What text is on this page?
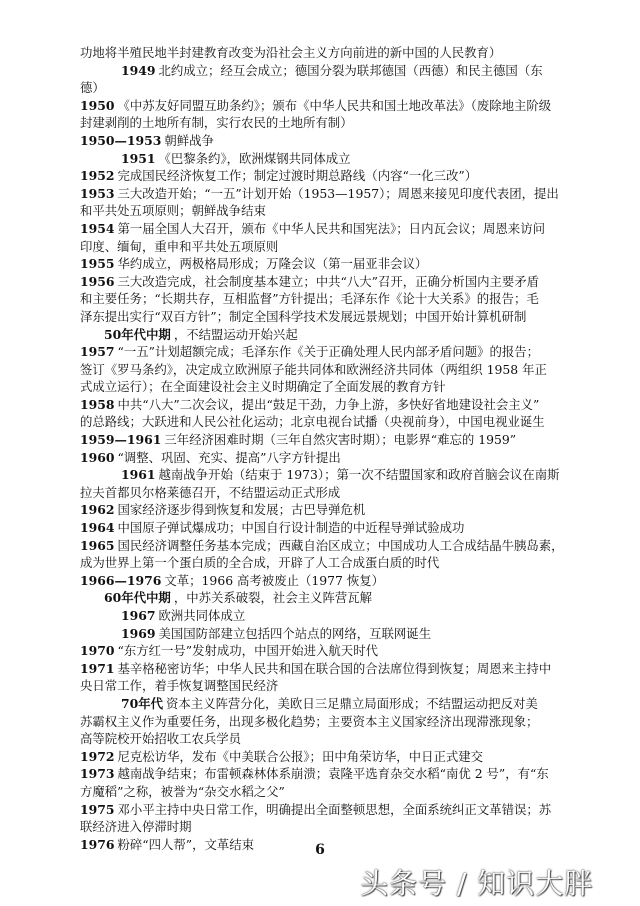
功地将半殖民地半封建教育改变为沿社会主义方向前进的新中国的人民教育）
1949 北约成立；经互会成立；德国分裂为联邦德国（西德）和民主德国（东
德）
1950 《中苏友好同盟互助条约》；颁布《中华人民共和国土地改革法》（废除地主阶级
封建剥削的土地所有制，实行农民的土地所有制）
1950—1953 朝鲜战争
1951 《巴黎条约》，欧洲煤钢共同体成立
1952 完成国民经济恢复工作；制定过渡时期总路线（内容“一化三改”）
1953 三大改造开始；“一五”计划开始（1953—1957）；周恩来接见印度代表团，提出
和平共处五项原则；朝鲜战争结束
1954 第一届全国人大召开，颁布《中华人民共和国宪法》；日内瓦会议；周恩来访问
印度、缅甸，重申和平共处五项原则
1955 华约成立，两极格局形成；万隆会议（第一届亚非会议）
1956 三大改造完成，社会制度基本建立；中共“八大”召开，正确分析国内主要矛盾
和主要任务；“长期共存，互相监督”方针提出；毛泽东作《论十大关系》的报告；毛
泽东提出实行“双百方针”；制定全国科学技术发展远景规划；中国开始计算机研制
50年代中期 ，不结盟运动开始兴起
1957 “一五”计划超额完成；毛泽东作《关于正确处理人民内部矛盾问题》的报告；
签订《罗马条约》，决定成立欧洲原子能共同体和欧洲经济共同体（两组织 1958 年正
式成立运行）；在全面建设社会主义时期确定了全面发展的教育方针
1958 中共“八大”二次会议，提出“鼓足干劲，力争上游，多快好省地建设社会主义”
的总路线；大跃进和人民公社化运动；北京电视台试播（央视前身），中国电视业诞生
1959—1961 三年经济困难时期（三年自然灾害时期）；电影界“难忘的 1959”
1960 “调整、巩固、充实、提高”八字方针提出
1961 越南战争开始（结束于 1973）；第一次不结盟国家和政府首脑会议在南斯
拉夫首都贝尔格莱德召开，不结盟运动正式形成
1962 国家经济逐步得到恢复和发展；古巴导弹危机
1964 中国原子弹试爆成功；中国自行设计制造的中近程导弹试验成功
1965 国民经济调整任务基本完成；西藏自治区成立；中国成功人工合成结晶牛胰岛素，
成为世界上第一个蛋白质的全合成，开辟了人工合成蛋白质的时代
1966—1976 文革；1966 高考被废止（1977 恢复）
60年代中期 ，中苏关系破裂，社会主义阵营瓦解
1967 欧洲共同体成立
1969 美国国防部建立包括四个站点的网络，互联网诞生
1970 “东方红一号”发射成功，中国开始进入航天时代
1971 基辛格秘密访华；中华人民共和国在联合国的合法席位得到恢复；周恩来主持中
央日常工作，着手恢复调整国民经济
70年代 资本主义阵营分化，美欧日三足鼎立局面形成；不结盟运动把反对美
苏霸权主义作为重要任务，出现多极化趋势；主要资本主义国家经济出现滞涨现象；
高等院校开始招收工农兵学员
1972 尼克松访华，发布《中美联合公报》；田中角荣访华，中日正式建交
1973 越南战争结束；布雷顿森林体系崩溃；袁隆平选育杂交水稻“南优 2 号”，有“东
方魔稻”之称，被誉为“杂交水稻之父”
1975 邓小平主持中央日常工作，明确提出全面整顿思想，全面系统纠正文革错误；苏
联经济进入停滞时期
1976 粉碎“四人帮”，文革结束	6
头条号 / 知识大胖
